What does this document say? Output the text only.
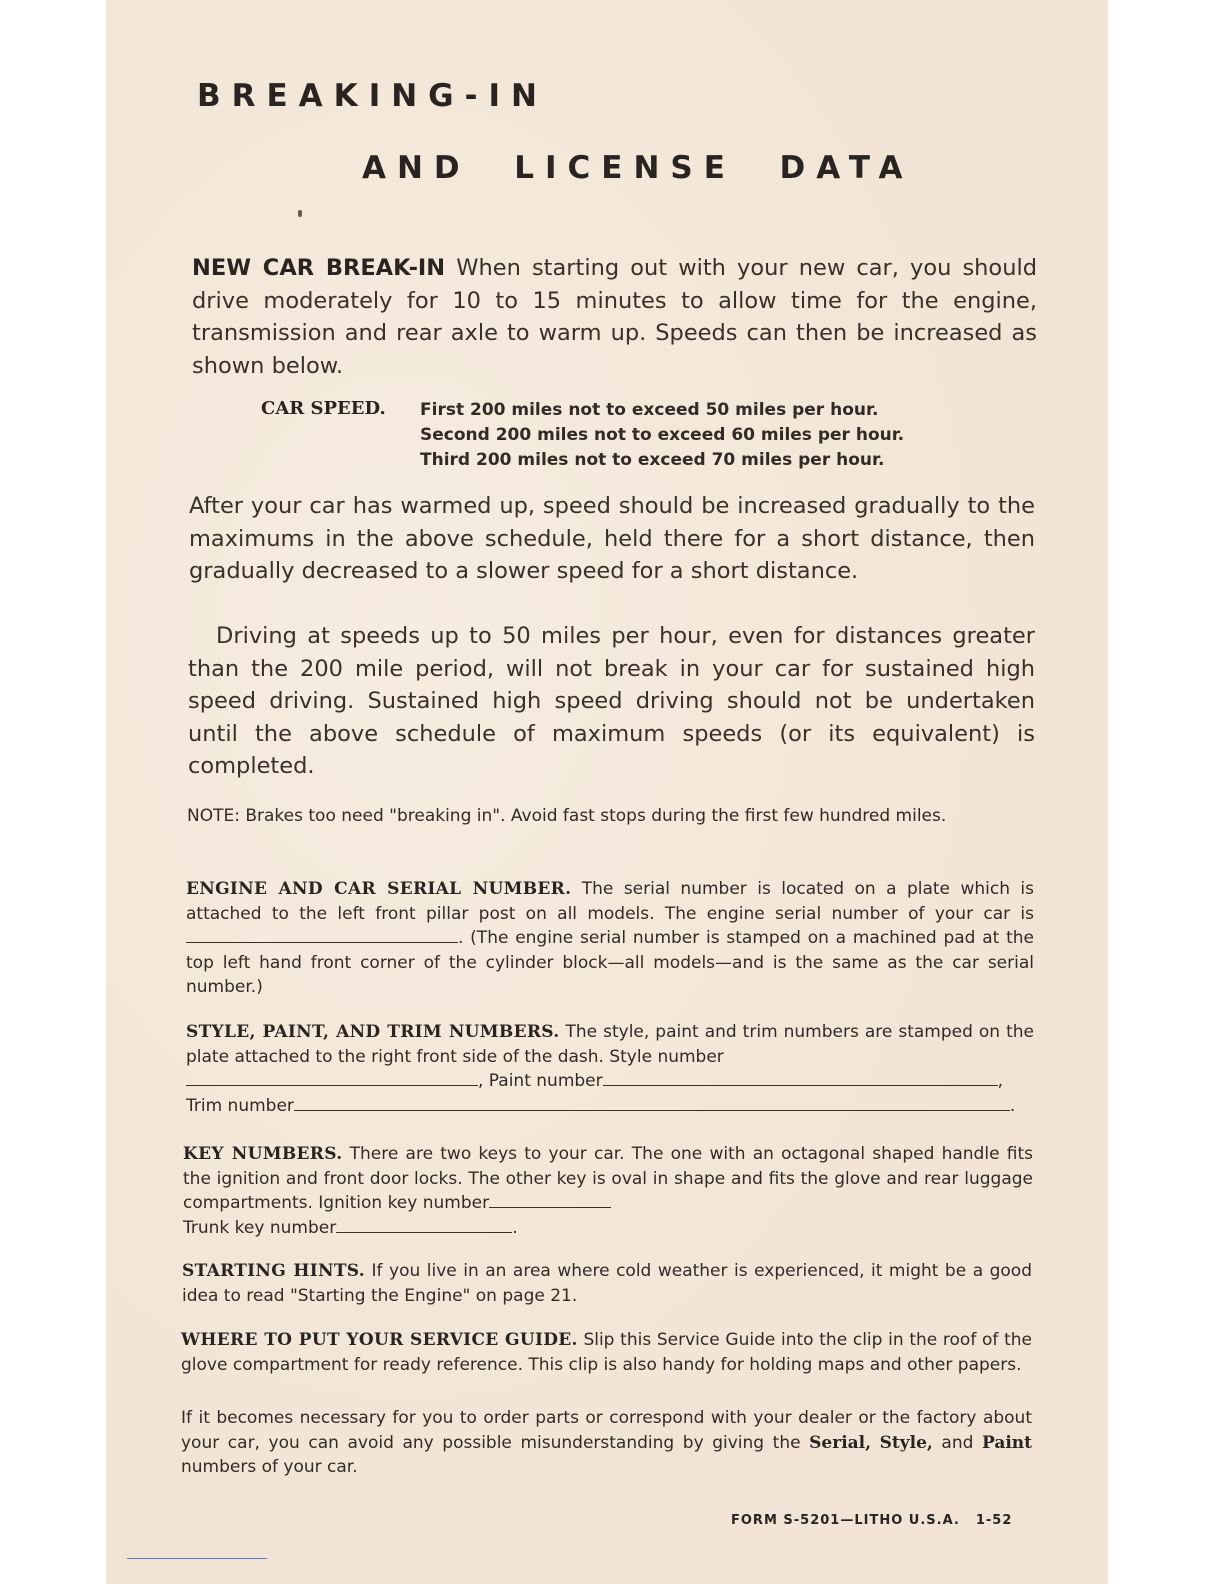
BREAKING-IN
AND  LICENSE  DATA
NEW CAR BREAK-IN When starting out with your new car, you should drive moderately for 10 to 15 minutes to allow time for the engine, transmission and rear axle to warm up. Speeds can then be increased as shown below.
CAR SPEED. First 200 miles not to exceed 50 miles per hour.
Second 200 miles not to exceed 60 miles per hour.
Third 200 miles not to exceed 70 miles per hour.
After your car has warmed up, speed should be increased gradually to the maximums in the above schedule, held there for a short distance, then gradually decreased to a slower speed for a short distance.
Driving at speeds up to 50 miles per hour, even for distances greater than the 200 mile period, will not break in your car for sustained high speed driving. Sustained high speed driving should not be undertaken until the above schedule of maximum speeds (or its equivalent) is completed.
NOTE: Brakes too need "breaking in". Avoid fast stops during the first few hundred miles.
ENGINE AND CAR SERIAL NUMBER. The serial number is located on a plate which is attached to the left front pillar post on all models. The engine serial number of your car is. (The engine serial number is stamped on a machined pad at the top left hand front corner of the cylinder block—all models—and is the same as the car serial number.)
STYLE, PAINT, AND TRIM NUMBERS. The style, paint and trim numbers are stamped on the plate attached to the right front side of the dash. Style number
, Paint number	,
Trim number	.
KEY NUMBERS. There are two keys to your car. The one with an octagonal shaped handle fits the ignition and front door locks. The other key is oval in shape and fits the glove and rear luggage compartments. Ignition key number
Trunk key number	.
STARTING HINTS. If you live in an area where cold weather is experienced, it might be a good idea to read "Starting the Engine" on page 21.
WHERE TO PUT YOUR SERVICE GUIDE. Slip this Service Guide into the clip in the roof of the glove compartment for ready reference. This clip is also handy for holding maps and other papers.
If it becomes necessary for you to order parts or correspond with your dealer or the factory about your car, you can avoid any possible misunderstanding by giving the Serial, Style, and Paint numbers of your car.
FORM S-5201—LITHO U.S.A. 1-52
